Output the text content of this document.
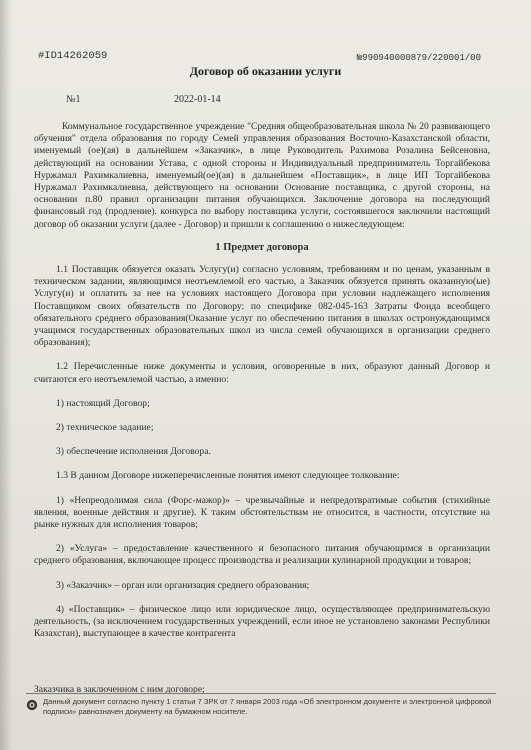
#ID14262059	№990940000879/220001/00
Договор об оказании услуги
№1	2022-01-14

Коммунальное государственное учреждение "Средняя общеобразовательная школа № 20 развивающего обучения" отдела образования по городу Семей управления образования Восточно-Казахстанской области, именуемый (ое)(ая) в дальнейшем «Заказчик», в лице Руководитель Рахимова Розалина Бейсеновна, действующий на основании Устава, с одной стороны и Индивидуальный предприниматель Торгайбекова Нуржамал Рахимкалиевна, именуемый(ое)(ая) в дальнейшем «Поставщик», в лице ИП Торгайбекова Нуржамал Рахимкалиевна, действующего на основании Основание поставщика, с другой стороны, на основании п.80 правил организации питания обучающихся. Заключение договора на последующий финансовый год (продление). конкурса по выбору поставщика услуги, состоявшегося заключили настоящий договор об оказании услуги (далее - Договор) и пришли к соглашению о нижеследующем:

1 Предмет договора

1.1 Поставщик обязуется оказать Услугу(и) согласно условиям, требованиям и по ценам, указанным в техническом задании, являющимся неотъемлемой его частью, а Заказчик обязуется принять оказанную(ые) Услугу(и) и оплатить за нее на условиях настоящего Договора при условии надлежащего исполнения Поставщиком своих обязательств по Договору: по специфике 082-045-163 Затраты Фонда всеобщего обязательного среднего образования(Оказание услуг по обеспечению питания в школах остронуждающимся учащимся государственных образовательных школ из числа семей обучающихся в организации среднего образования);

1.2 Перечисленные ниже документы и условия, оговоренные в них, образуют данный Договор и считаются его неотъемлемой частью, а именно:

1) настоящий Договор;

2) техническое задание;

3) обеспечение исполнения Договора.

1.3 В данном Договоре нижеперечисленные понятия имеют следующее толкование:

1) «Непреодолимая сила (Форс-мажор)» – чрезвычайные и непредотвратимые события (стихийные явления, военные действия и другие). К таким обстоятельствам не относится, в частности, отсутствие на рынке нужных для исполнения товаров;

2) «Услуга» – предоставление качественного и безопасного питания обучающимся в организации среднего образования, включающее процесс производства и реализации кулинарной продукции и товаров;

3) «Заказчик» – орган или организация среднего образования;

4) «Поставщик» – физическое лицо или юридическое лицо, осуществляющее предпринимательскую деятельность, (за исключением государственных учреждений, если иное не установлено законами Республики Казахстан), выступающее в качестве контрагента

Заказчика в заключенном с ним договоре;
Данный документ согласно пункту 1 статьи 7 ЗРК от 7 января 2003 года «Об электронном документе и электронной цифровой подписи» равнозначен документу на бумажном носителе.
